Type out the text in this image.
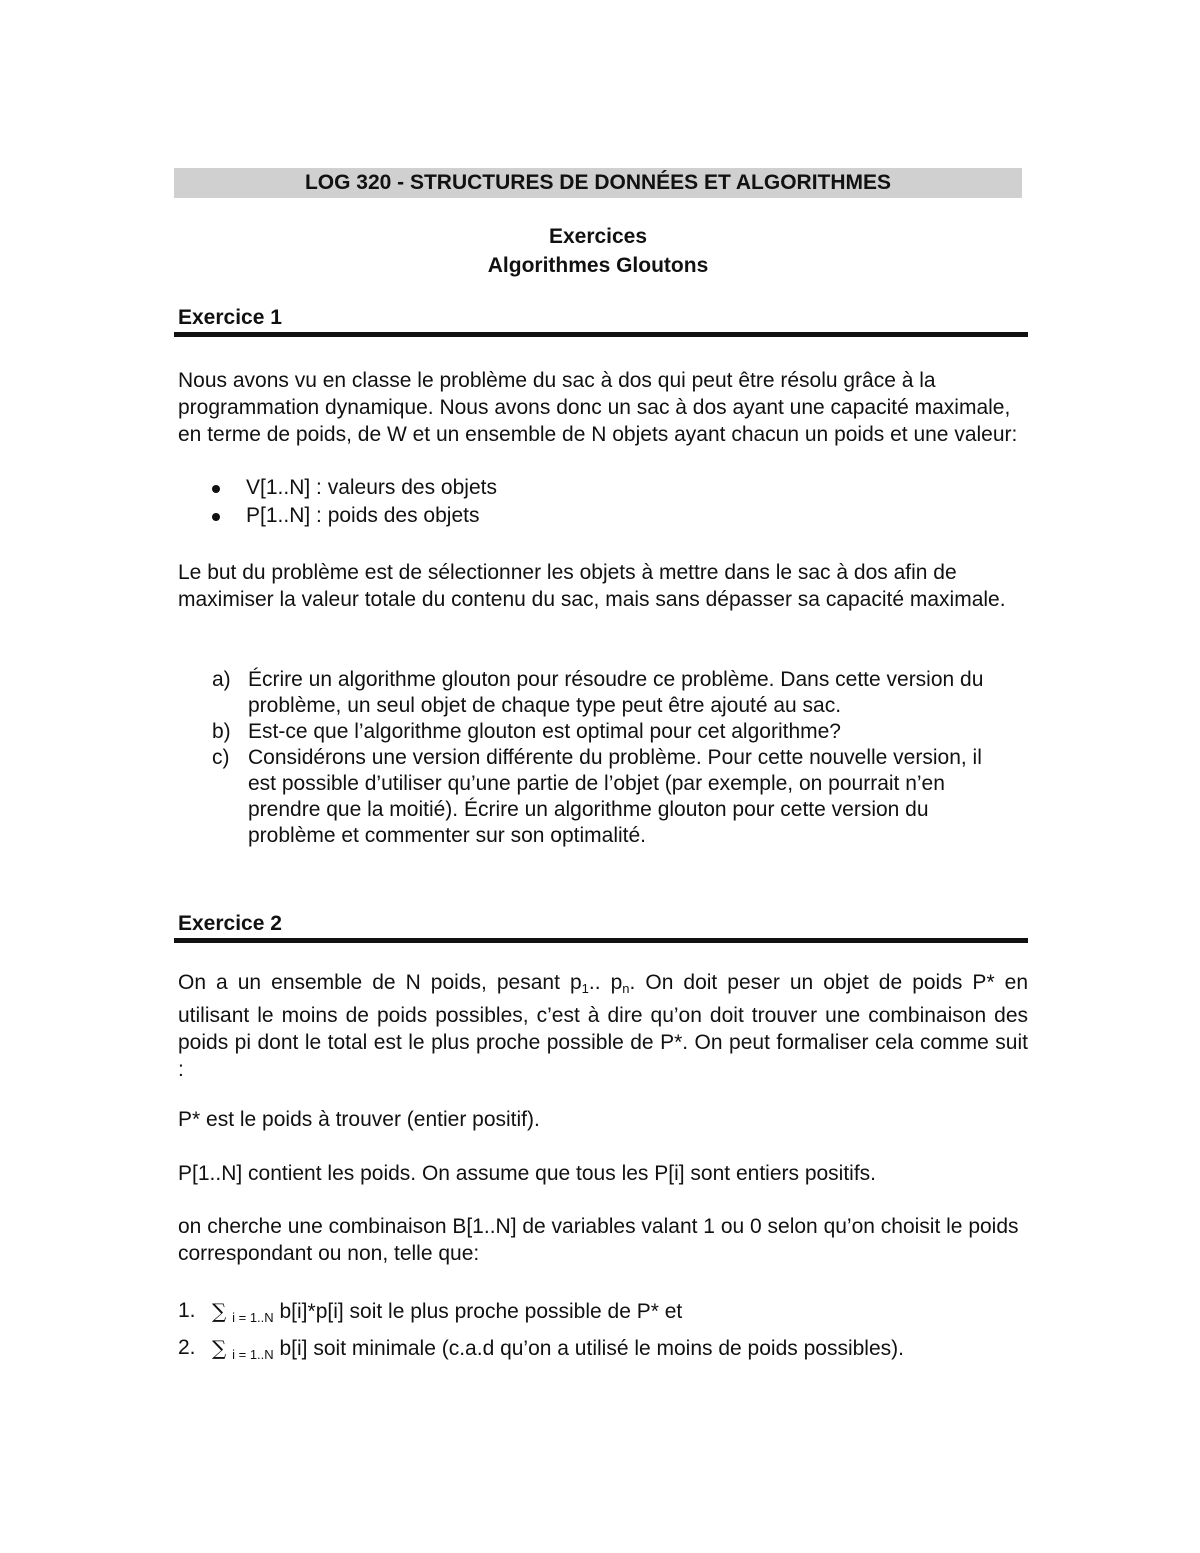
LOG 320 - STRUCTURES DE DONNÉES ET ALGORITHMES
Exercices
Algorithmes Gloutons
Exercice 1

Nous avons vu en classe le problème du sac à dos qui peut être résolu grâce à la programmation dynamique. Nous avons donc un sac à dos ayant une capacité maximale, en terme de poids, de W et un ensemble de N objets ayant chacun un poids et une valeur:

V[1..N] : valeurs des objets
P[1..N] : poids des objets

Le but du problème est de sélectionner les objets à mettre dans le sac à dos afin de maximiser la valeur totale du contenu du sac, mais sans dépasser sa capacité maximale.

a) Écrire un algorithme glouton pour résoudre ce problème. Dans cette version du problème, un seul objet de chaque type peut être ajouté au sac.
b) Est-ce que l’algorithme glouton est optimal pour cet algorithme?
c) Considérons une version différente du problème. Pour cette nouvelle version, il est possible d’utiliser qu’une partie de l’objet (par exemple, on pourrait n’en prendre que la moitié). Écrire un algorithme glouton pour cette version du problème et commenter sur son optimalité.
Exercice 2

On a un ensemble de N poids, pesant $p_1$.. $p_n$. On doit peser un objet de poids P* en utilisant le moins de poids possibles, c’est à dire qu’on doit trouver une combinaison des poids pi dont le total est le plus proche possible de P*. On peut formaliser cela comme suit :

P* est le poids à trouver (entier positif).

P[1..N] contient les poids. On assume que tous les P[i] sont entiers positifs.

on cherche une combinaison B[1..N] de variables valant 1 ou 0 selon qu’on choisit le poids correspondant ou non, telle que:

1. ∑ $_{i = 1..N}$ b[i]*p[i] soit le plus proche possible de P* et
2. ∑ $_{i = 1..N}$ b[i] soit minimale (c.a.d qu’on a utilisé le moins de poids possibles).
